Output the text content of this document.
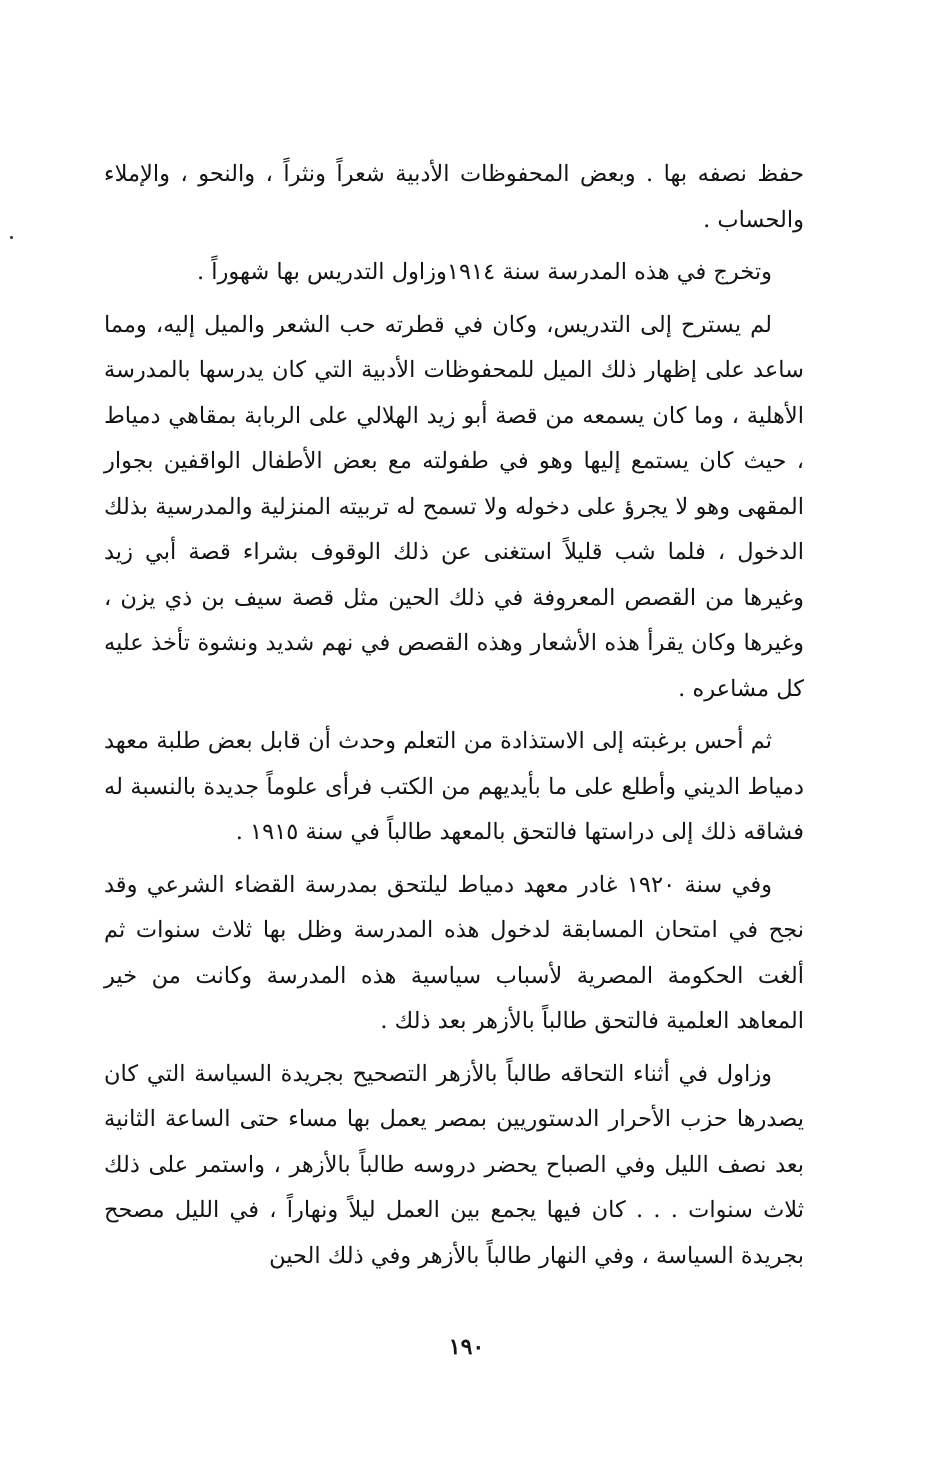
حفظ نصفه بها . وبعض المحفوظات الأدبية شعراً ونثراً ، والنحو ، والإملاء والحساب .

وتخرج في هذه المدرسة سنة ١٩١٤وزاول التدريس بها شهوراً .

لم يسترح إلى التدريس، وكان في قطرته حب الشعر والميل إليه، ومما ساعد على إظهار ذلك الميل للمحفوظات الأدبية التي كان يدرسها بالمدرسة الأهلية ، وما كان يسمعه من قصة أبو زيد الهلالي على الربابة بمقاهي دمياط ، حيث كان يستمع إليها وهو في طفولته مع بعض الأطفال الواقفين بجوار المقهى وهو لا يجرؤ على دخوله ولا تسمح له تربيته المنزلية والمدرسية بذلك الدخول ، فلما شب قليلاً استغنى عن ذلك الوقوف بشراء قصة أبي زيد وغيرها من القصص المعروفة في ذلك الحين مثل قصة سيف بن ذي يزن ، وغيرها وكان يقرأ هذه الأشعار وهذه القصص في نهم شديد ونشوة تأخذ عليه كل مشاعره .

ثم أحس برغبته إلى الاستذادة من التعلم وحدث أن قابل بعض طلبة معهد دمياط الديني وأطلع على ما بأيديهم من الكتب فرأى علوماً جديدة بالنسبة له فشاقه ذلك إلى دراستها فالتحق بالمعهد طالباً في سنة ١٩١٥ .

وفي سنة ١٩٢٠ غادر معهد دمياط ليلتحق بمدرسة القضاء الشرعي وقد نجح في امتحان المسابقة لدخول هذه المدرسة وظل بها ثلاث سنوات ثم ألغت الحكومة المصرية لأسباب سياسية هذه المدرسة وكانت من خير المعاهد العلمية فالتحق طالباً بالأزهر بعد ذلك .

وزاول في أثناء التحاقه طالباً بالأزهر التصحيح بجريدة السياسة التي كان يصدرها حزب الأحرار الدستوريين بمصر يعمل بها مساء حتى الساعة الثانية بعد نصف الليل وفي الصباح يحضر دروسه طالباً بالأزهر ، واستمر على ذلك ثلاث سنوات . . . كان فيها يجمع بين العمل ليلاً ونهاراً ، في الليل مصحح بجريدة السياسة ، وفي النهار طالباً بالأزهر وفي ذلك الحين

١٩٠
